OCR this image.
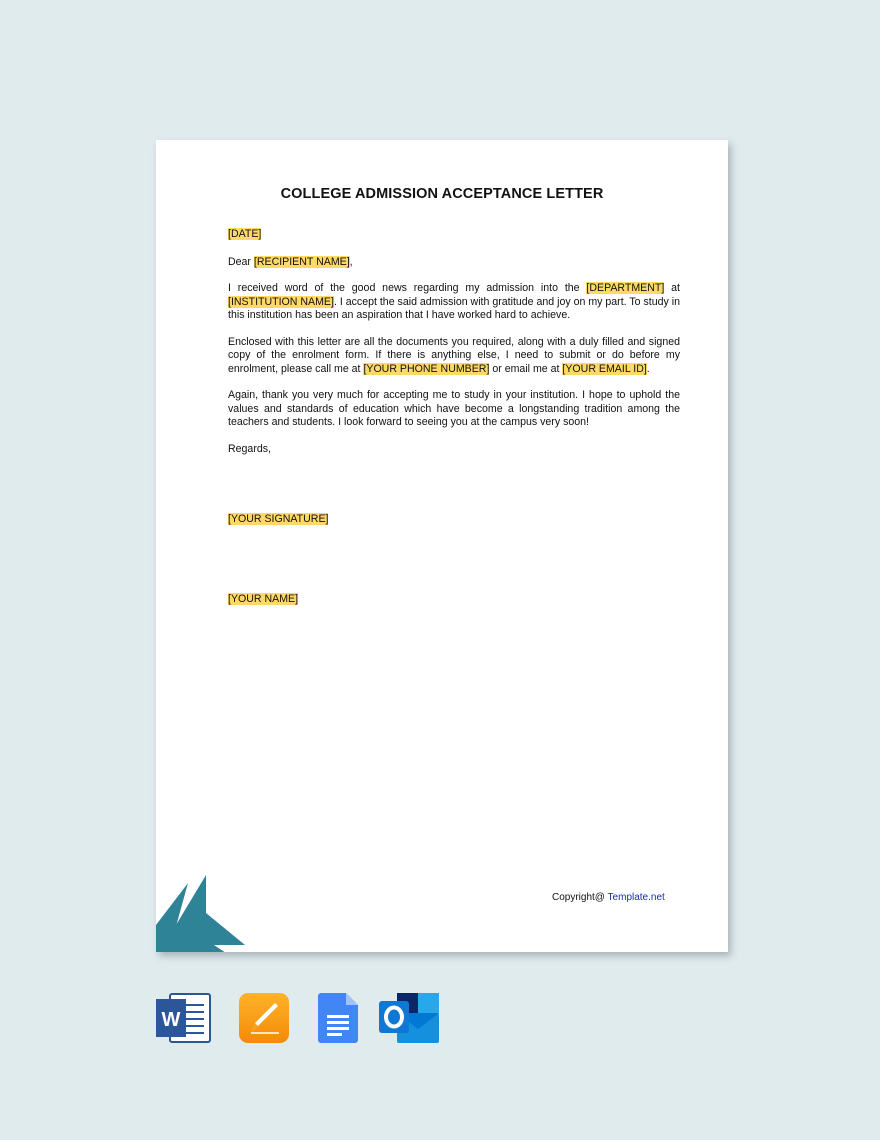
COLLEGE ADMISSION ACCEPTANCE LETTER

[DATE]

Dear [RECIPIENT NAME],

I received word of the good news regarding my admission into the [DEPARTMENT] at [INSTITUTION NAME]. I accept the said admission with gratitude and joy on my part. To study in this institution has been an aspiration that I have worked hard to achieve.

Enclosed with this letter are all the documents you required, along with a duly filled and signed copy of the enrolment form. If there is anything else, I need to submit or do before my enrolment, please call me at [YOUR PHONE NUMBER] or email me at [YOUR EMAIL ID].

Again, thank you very much for accepting me to study in your institution. I hope to uphold the values and standards of education which have become a longstanding tradition among the teachers and students. I look forward to seeing you at the campus very soon!

Regards,

[YOUR SIGNATURE]
[YOUR NAME]
Copyright@ Template.net
W
